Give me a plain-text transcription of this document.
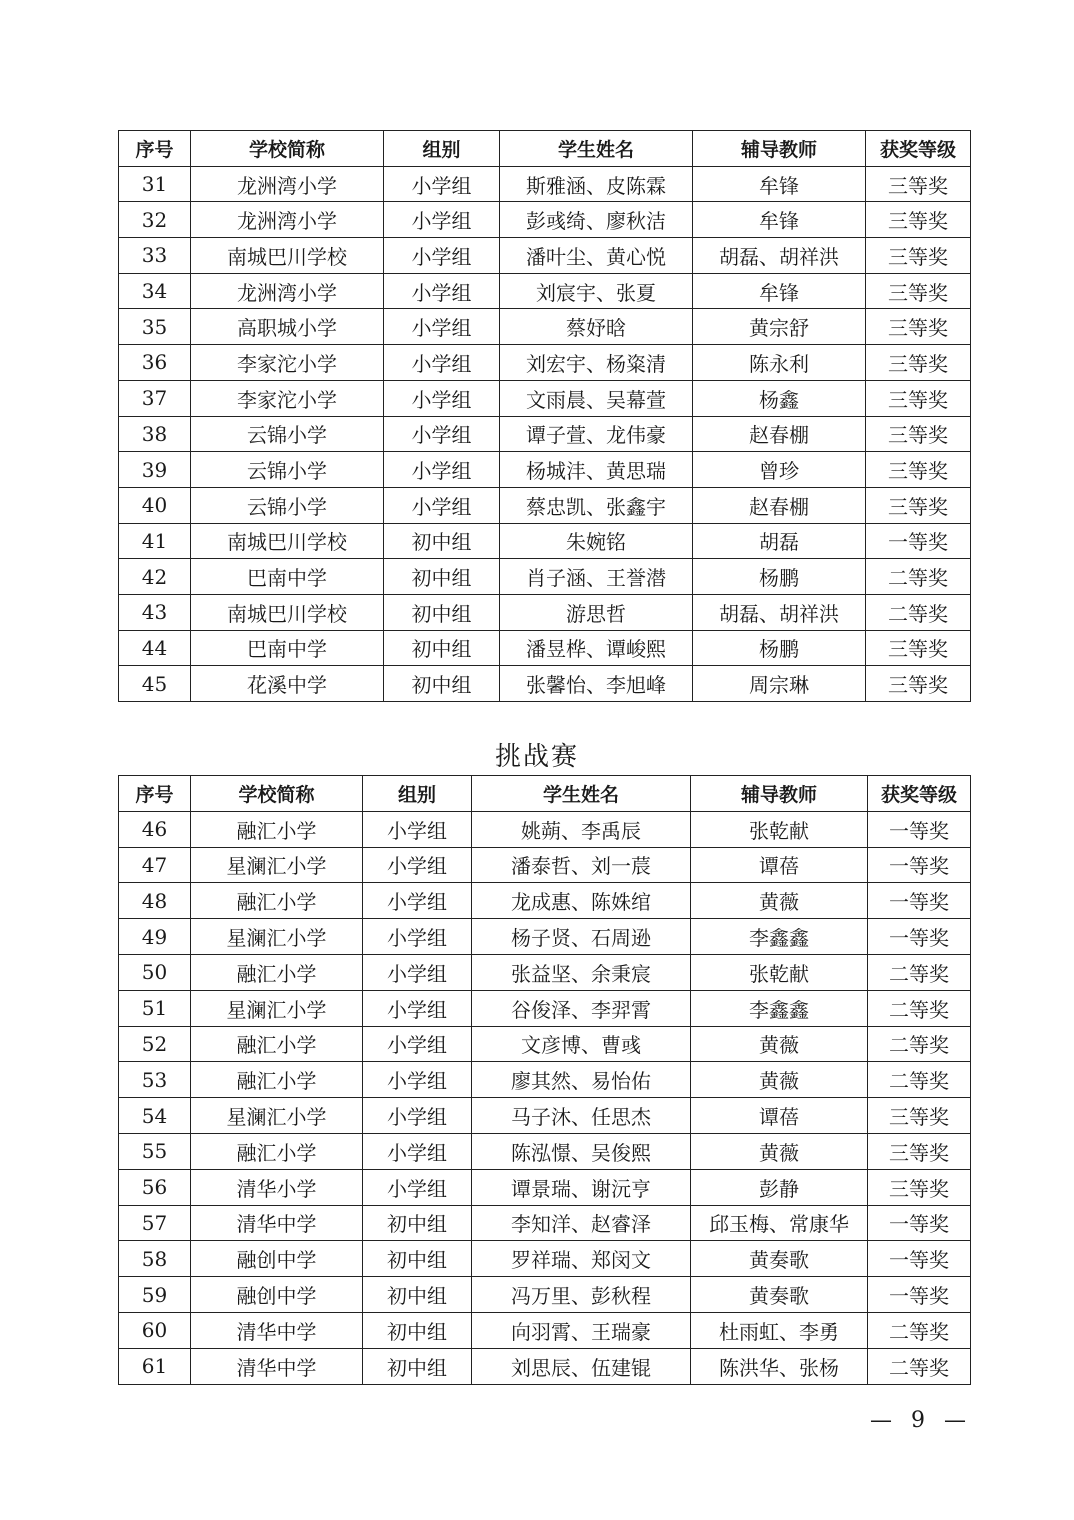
序号	学校简称	组别	学生姓名	辅导教师	获奖等级
31	龙洲湾小学	小学组	斯雅涵、皮陈霖	牟锋	三等奖
32	龙洲湾小学	小学组	彭彧绮、廖秋洁	牟锋	三等奖
33	南城巴川学校	小学组	潘叶尘、黄心悦	胡磊、胡祥洪	三等奖
34	龙洲湾小学	小学组	刘宸宇、张夏	牟锋	三等奖
35	高职城小学	小学组	蔡妤晗	黄宗舒	三等奖
36	李家沱小学	小学组	刘宏宇、杨粢清	陈永利	三等奖
37	李家沱小学	小学组	文雨晨、吴幕萱	杨鑫	三等奖
38	云锦小学	小学组	谭子萱、龙伟豪	赵春棚	三等奖
39	云锦小学	小学组	杨城沣、黄思瑞	曾珍	三等奖
40	云锦小学	小学组	蔡忠凯、张鑫宇	赵春棚	三等奖
41	南城巴川学校	初中组	朱婉铭	胡磊	一等奖
42	巴南中学	初中组	肖子涵、王誉潜	杨鹏	二等奖
43	南城巴川学校	初中组	游思哲	胡磊、胡祥洪	二等奖
44	巴南中学	初中组	潘昱桦、谭峻熙	杨鹏	三等奖
45	花溪中学	初中组	张馨怡、李旭峰	周宗琳	三等奖
挑战赛
序号	学校简称	组别	学生姓名	辅导教师	获奖等级
46	融汇小学	小学组	姚蒴、李禹辰	张乾献	一等奖
47	星澜汇小学	小学组	潘泰哲、刘一莀	谭蓓	一等奖
48	融汇小学	小学组	龙成惠、陈姝绾	黄薇	一等奖
49	星澜汇小学	小学组	杨子贤、石周逊	李鑫鑫	一等奖
50	融汇小学	小学组	张益坚、余秉宸	张乾献	二等奖
51	星澜汇小学	小学组	谷俊泽、李羿霄	李鑫鑫	二等奖
52	融汇小学	小学组	文彦博、曹彧	黄薇	二等奖
53	融汇小学	小学组	廖其然、易怡佑	黄薇	二等奖
54	星澜汇小学	小学组	马子沐、任思杰	谭蓓	三等奖
55	融汇小学	小学组	陈泓憬、吴俊熙	黄薇	三等奖
56	清华小学	小学组	谭景瑞、谢沅亨	彭静	三等奖
57	清华中学	初中组	李知洋、赵睿泽	邱玉梅、常康华	一等奖
58	融创中学	初中组	罗祥瑞、郑闵文	黄奏歌	一等奖
59	融创中学	初中组	冯万里、彭秋程	黄奏歌	一等奖
60	清华中学	初中组	向羽霄、王瑞豪	杜雨虹、李勇	二等奖
61	清华中学	初中组	刘思辰、伍建锟	陈洪华、张杨	二等奖
— 9 —
